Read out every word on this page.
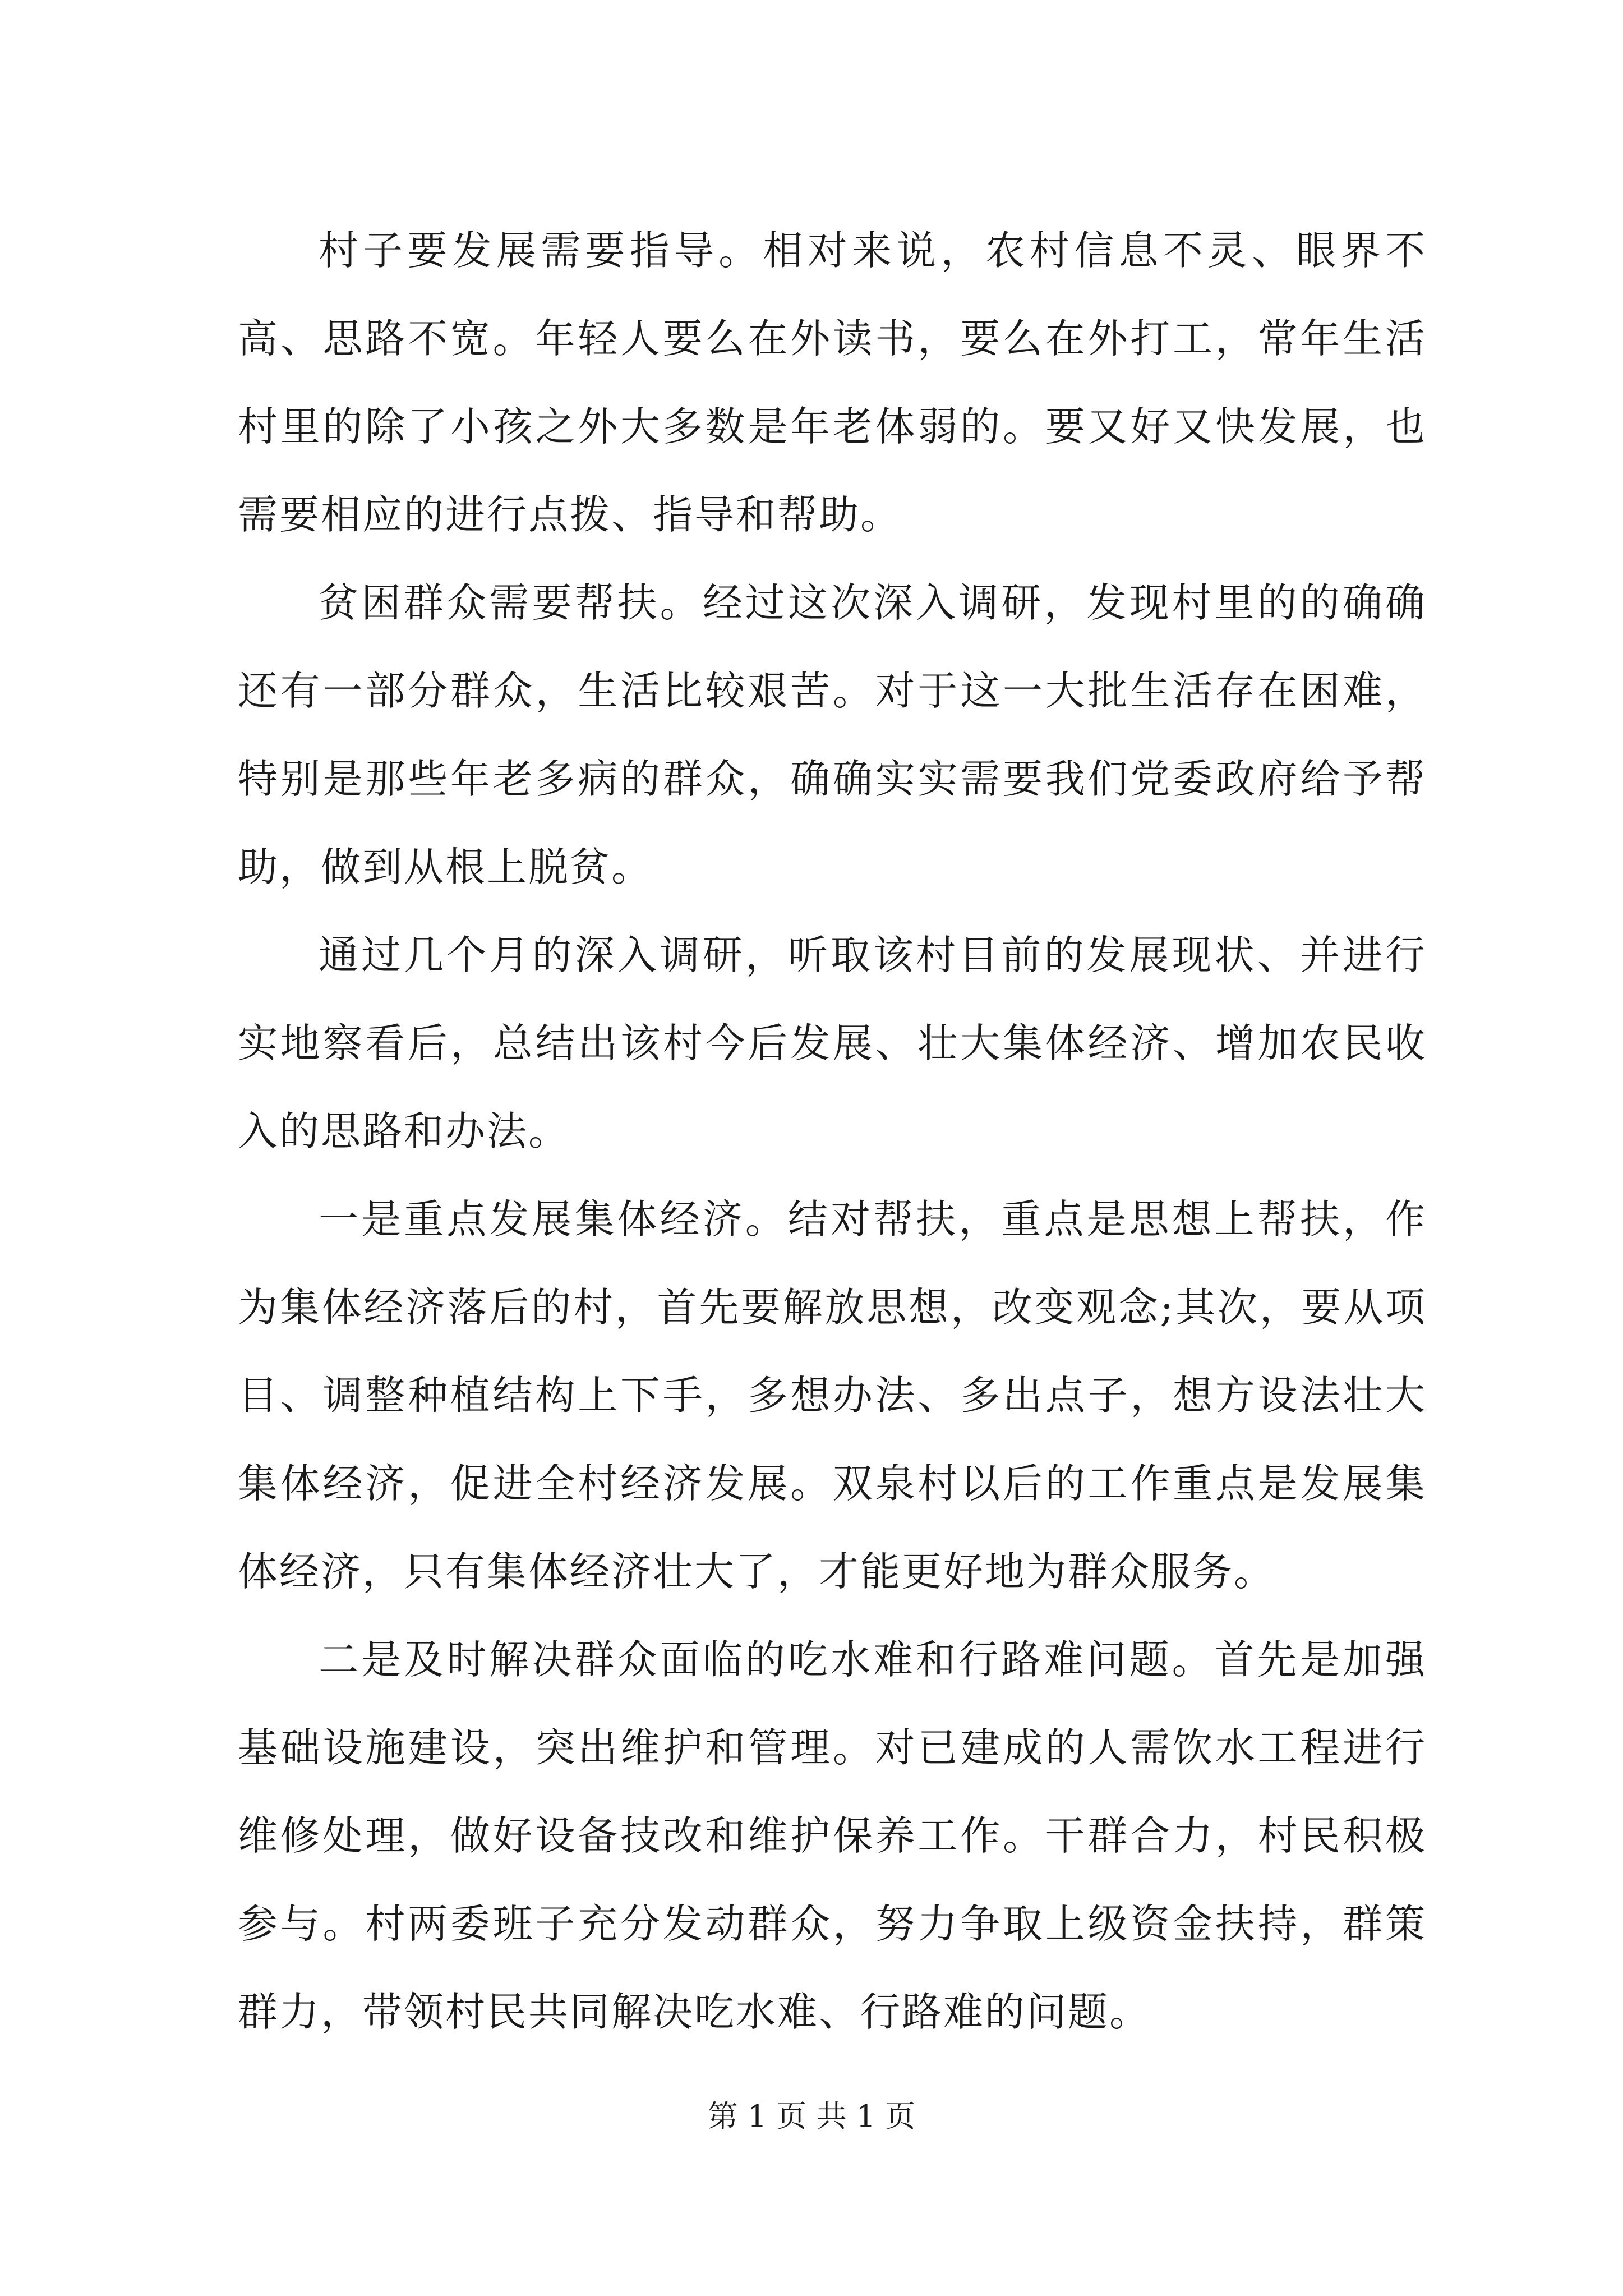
村子要发展需要指导。相对来说，农村信息不灵、眼界不高、思路不宽。年轻人要么在外读书，要么在外打工，常年生活村里的除了小孩之外大多数是年老体弱的。要又好又快发展，也需要相应的进行点拨、指导和帮助。

贫困群众需要帮扶。经过这次深入调研，发现村里的的确确还有一部分群众，生活比较艰苦。对于这一大批生活存在困难，特别是那些年老多病的群众，确确实实需要我们党委政府给予帮助，做到从根上脱贫。

通过几个月的深入调研，听取该村目前的发展现状、并进行实地察看后，总结出该村今后发展、壮大集体经济、增加农民收入的思路和办法。

一是重点发展集体经济。结对帮扶，重点是思想上帮扶，作为集体经济落后的村，首先要解放思想，改变观念;其次，要从项目、调整种植结构上下手，多想办法、多出点子，想方设法壮大集体经济，促进全村经济发展。双泉村以后的工作重点是发展集体经济，只有集体经济壮大了，才能更好地为群众服务。

二是及时解决群众面临的吃水难和行路难问题。首先是加强基础设施建设，突出维护和管理。对已建成的人需饮水工程进行维修处理，做好设备技改和维护保养工作。干群合力，村民积极参与。村两委班子充分发动群众，努力争取上级资金扶持，群策群力，带领村民共同解决吃水难、行路难的问题。

第 1 页 共 1 页
